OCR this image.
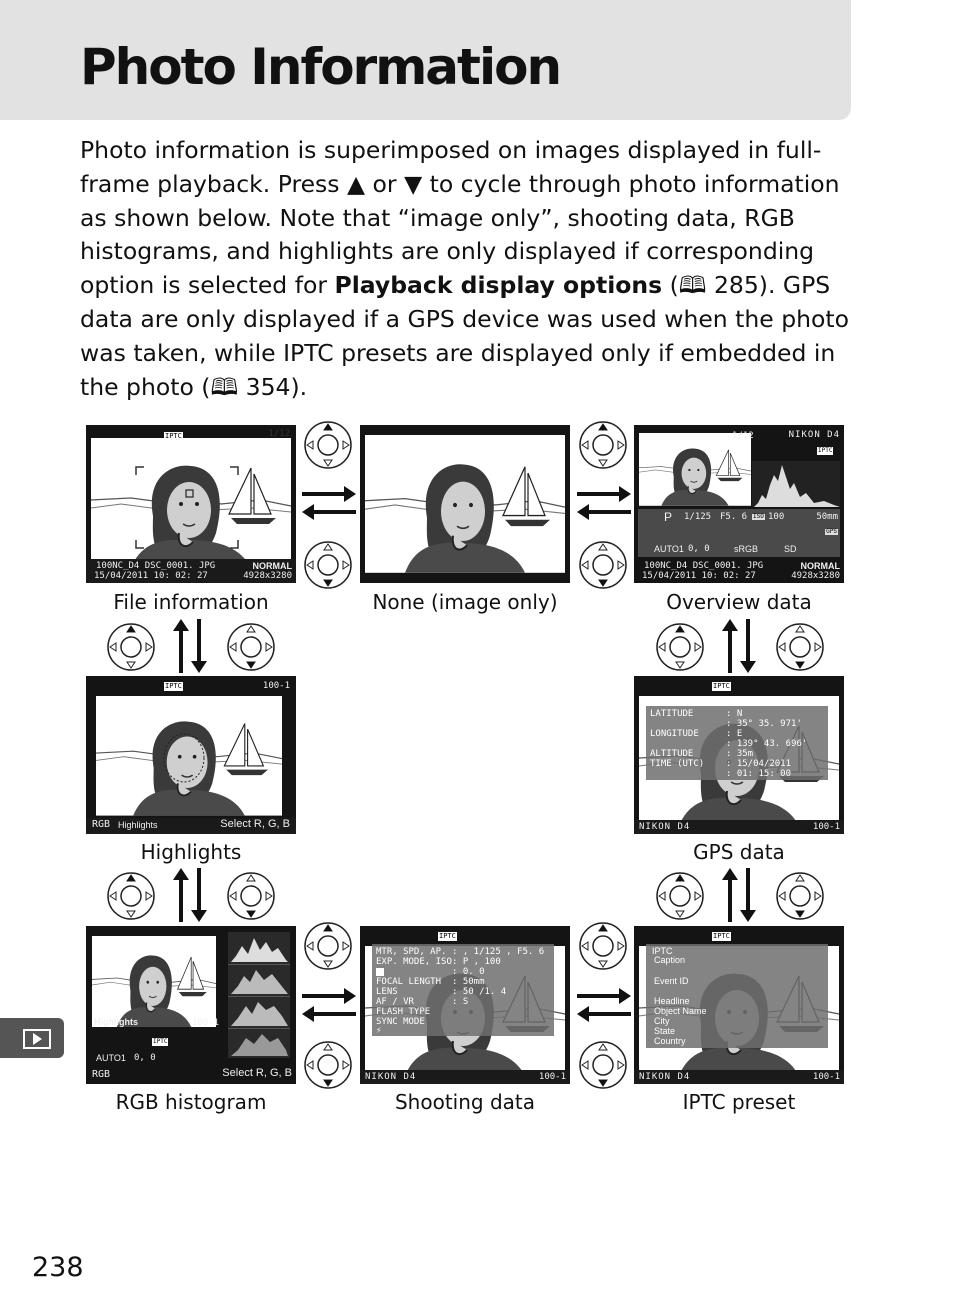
Photo Information

Photo information is superimposed on images displayed in full-frame playback. Press ▲ or ▼ to cycle through photo information as shown below. Note that “image only”, shooting data, RGB histograms, and highlights are only displayed if corresponding option is selected for Playback display options (🕮 285). GPS data are only displayed if a GPS device was used when the photo was taken, while IPTC presets are displayed only if embedded in the photo (🕮 354).

IPTC	1/12
100NC_D4 DSC_0001. JPG
15/04/2011 10: 02: 27
NORMAL
4928x3280
File information	None (image only)
1/12	NIKON D4
IPTC
P 1/125 F5. 6 ISO 100	50mm
GPS
AUTO1 0, 0	sRGB	SD
100NC_D4 DSC_0001. JPG
15/04/2011 10: 02: 27
NORMAL
4928x3280
Overview data
IPTC	100-1
RGB Highlights	Select R, G, B
Highlights
IPTC
LATITUDE	: N
: 35° 35. 971'
LONGITUDE	: E
: 139° 43. 696'
ALTITUDE	: 35m
TIME (UTC) : 15/04/2011
: 01: 15: 00
NIKON D4	100-1
GPS data
Highlights	100-1
IPTC
AUTO1 0, 0
RGB	Select R, G, B
RGB histogram
IPTC
MTR, SPD, AP. : , 1/125 , F5. 6
EXP. MODE, ISO : P , 100
: 0. 0
FOCAL LENGTH : 50mm
LENS	: 50 /1. 4
AF / VR	: S
FLASH TYPE
SYNC MODE
⚡
NIKON D4	100-1
Shooting data
IPTC
IPTC
Caption
Event ID
Headline
Object Name
City
State
Country
NIKON D4	100-1
IPTC preset
238
